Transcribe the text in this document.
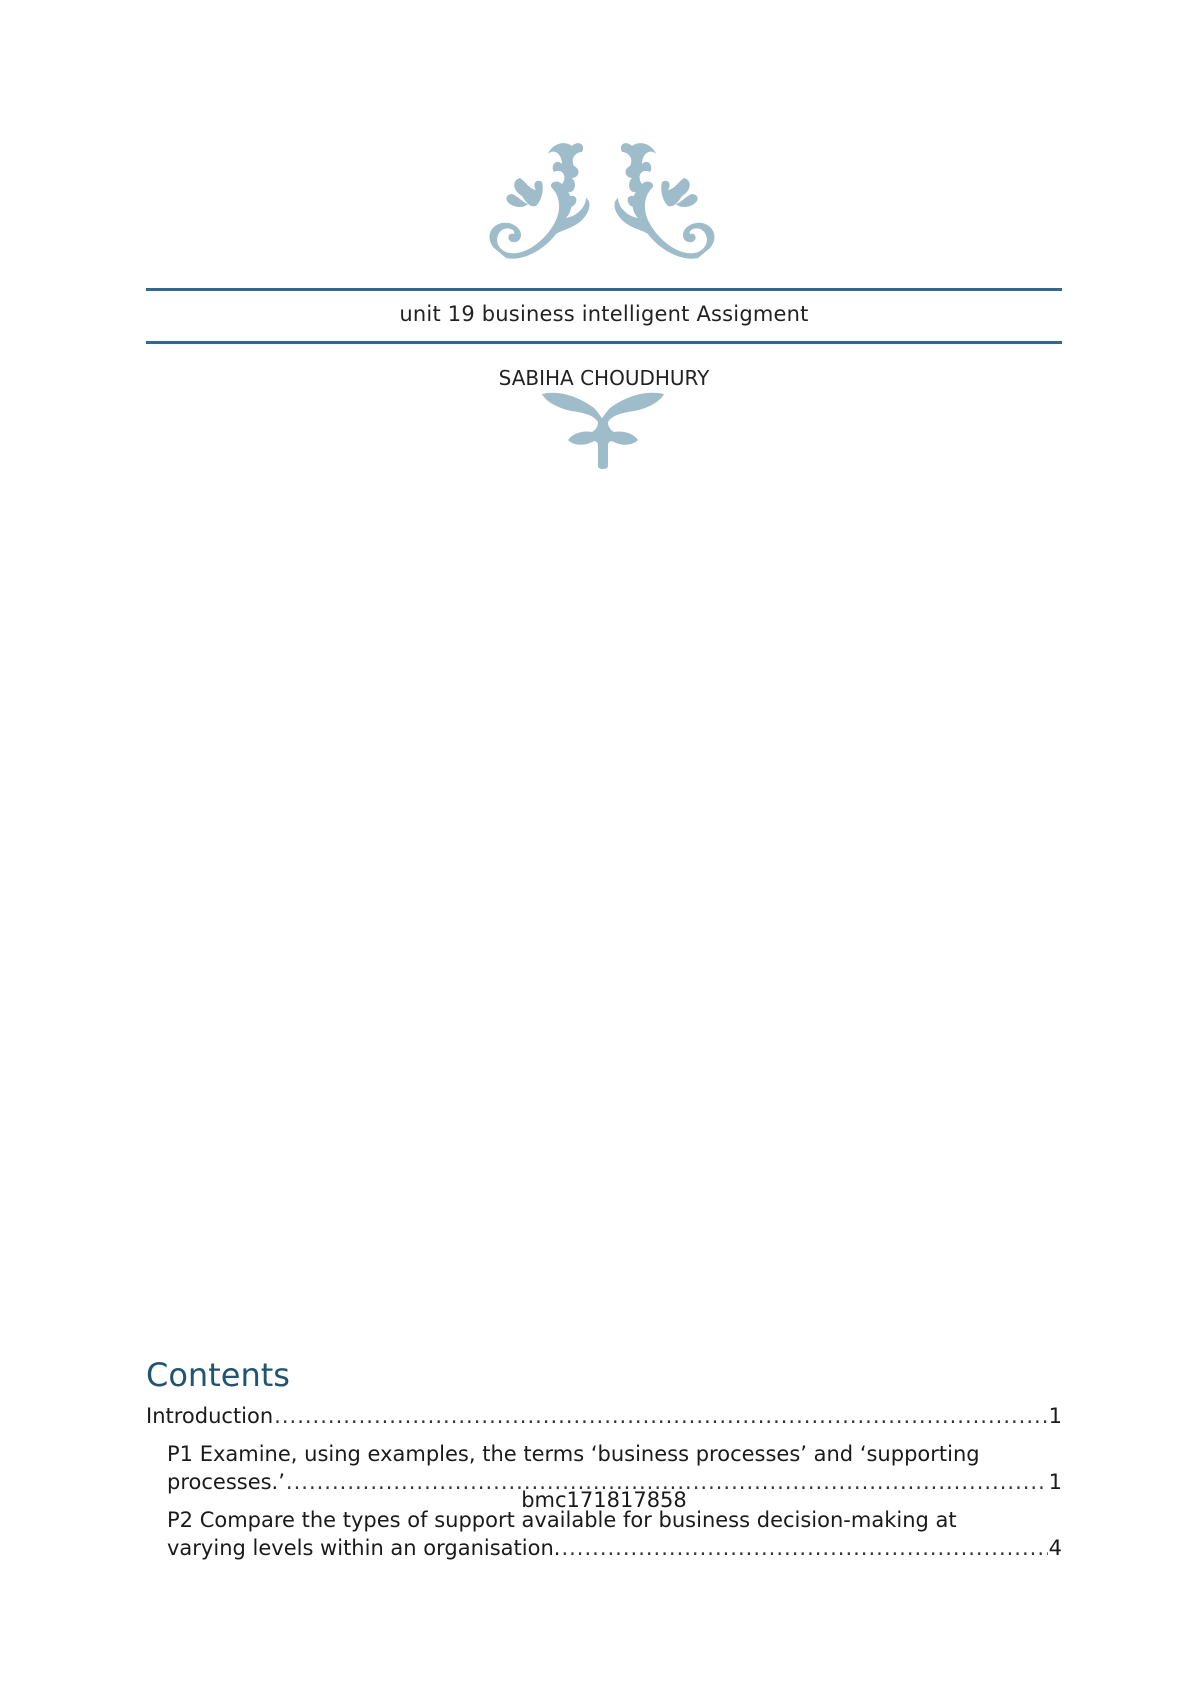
unit 19 business intelligent Assigment
SABIHA CHOUDHURY
Contents
Introduction .....	1
P1 Examine, using examples, the terms ‘business processes’ and ‘supporting
processes.’ .....	1
P2 Compare the types of support available for business decision-making at
varying levels within an organisation. .....	4
bmc171817858
